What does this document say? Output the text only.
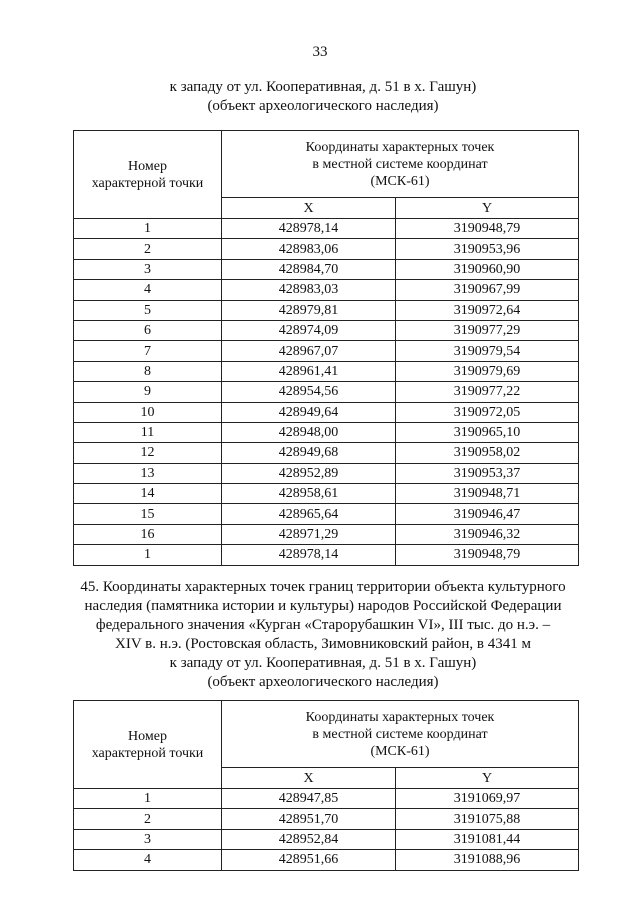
33

к западу от ул. Кооперативная, д. 51 в х. Гашун)

(объект археологического наследия)

Номер
характерной точки	Координаты характерных точек
в местной системе координат
(МСК-61)	

	X	Y
1	428978,14	3190948,79
2	428983,06	3190953,96
3	428984,70	3190960,90
4	428983,03	3190967,99
5	428979,81	3190972,64
6	428974,09	3190977,29
7	428967,07	3190979,54
8	428961,41	3190979,69
9	428954,56	3190977,22
10	428949,64	3190972,05
11	428948,00	3190965,10
12	428949,68	3190958,02
13	428952,89	3190953,37
14	428958,61	3190948,71
15	428965,64	3190946,47
16	428971,29	3190946,32
1	428978,14	3190948,79

45. Координаты характерных точек границ территории объекта культурного

наследия (памятника истории и культуры) народов Российской Федерации

федерального значения «Курган «Старорубашкин VI», III тыс. до н.э. –

XIV в. н.э. (Ростовская область, Зимовниковский район, в 4341 м

к западу от ул. Кооперативная, д. 51 в х. Гашун)

(объект археологического наследия)

Номер
характерной точки	Координаты характерных точек
в местной системе координат
(МСК-61)	

	X	Y
1	428947,85	3191069,97
2	428951,70	3191075,88
3	428952,84	3191081,44
4	428951,66	3191088,96
